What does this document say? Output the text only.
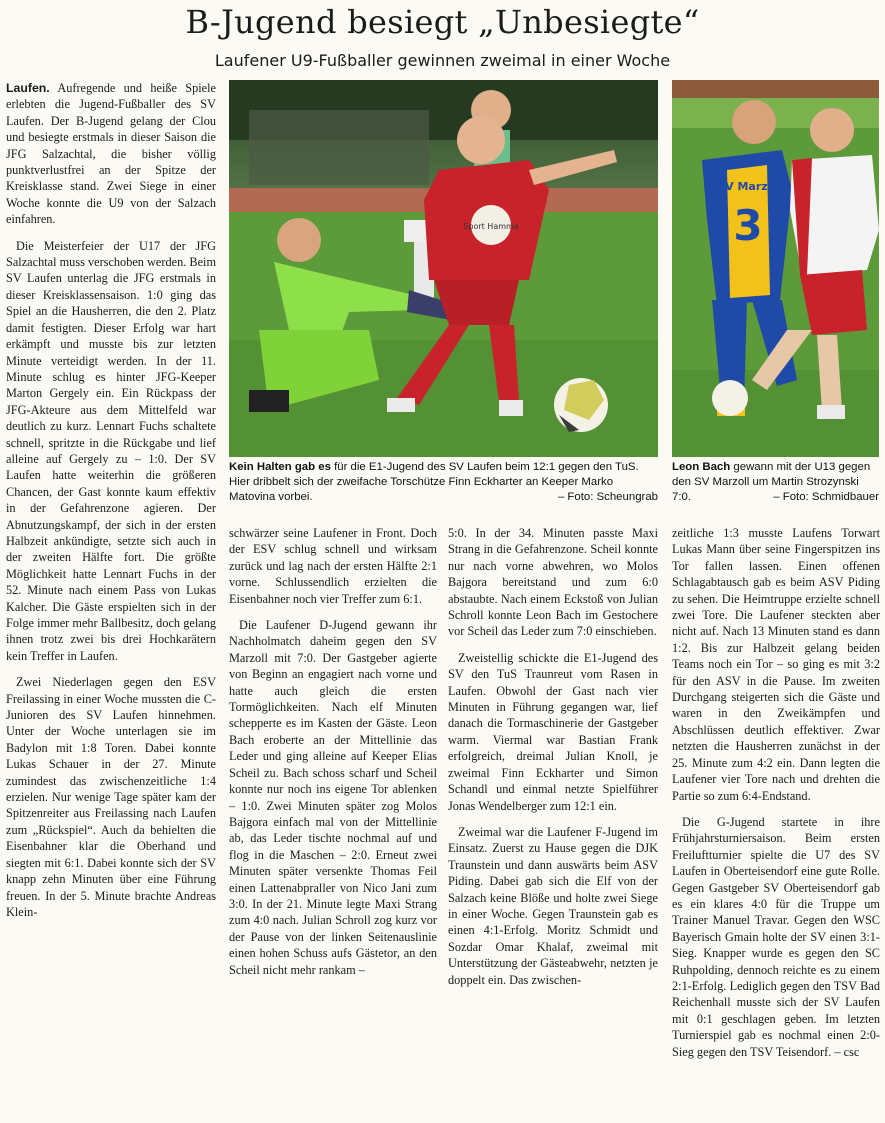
B-Jugend besiegt „Unbesiegte“
Laufener U9-Fußballer gewinnen zweimal in einer Woche

Laufen. Aufregende und heiße Spiele erlebten die Jugend-Fußballer des SV Laufen. Der B-Jugend gelang der Clou und besiegte erstmals in dieser Saison die JFG Salzachtal, die bisher völlig punktverlustfrei an der Spitze der Kreisklasse stand. Zwei Siege in einer Woche konnte die U9 von der Salzach einfahren.

Die Meisterfeier der U17 der JFG Salzachtal muss verschoben werden. Beim SV Laufen unterlag die JFG erstmals in dieser Kreisklassensaison. 1:0 ging das Spiel an die Hausherren, die den 2. Platz damit festigten. Dieser Erfolg war hart erkämpft und musste bis zur letzten Minute verteidigt werden. In der 11. Minute schlug es hinter JFG-Keeper Marton Gergely ein. Ein Rückpass der JFG-Akteure aus dem Mittelfeld war deutlich zu kurz. Lennart Fuchs schaltete schnell, spritzte in die Rückgabe und lief alleine auf Gergely zu – 1:0. Der SV Laufen hatte weiterhin die größeren Chancen, der Gast konnte kaum effektiv in der Gefahrenzone agieren. Der Abnutzungskampf, der sich in der ersten Halbzeit ankündigte, setzte sich auch in der zweiten Hälfte fort. Die größte Möglichkeit hatte Lennart Fuchs in der 52. Minute nach einem Pass von Lukas Kalcher. Die Gäste erspielten sich in der Folge immer mehr Ballbesitz, doch gelang ihnen trotz zwei bis drei Hochkarätern kein Treffer in Laufen.

Zwei Niederlagen gegen den ESV Freilassing in einer Woche mussten die C-Junioren des SV Laufen hinnehmen. Unter der Woche unterlagen sie im Badylon mit 1:8 Toren. Dabei konnte Lukas Schauer in der 27. Minute zumindest das zwischenzeitliche 1:4 erzielen. Nur wenige Tage später kam der Spitzenreiter aus Freilassing nach Laufen zum „Rückspiel“. Auch da behielten die Eisenbahner klar die Oberhand und siegten mit 6:1. Dabei konnte sich der SV knapp zehn Minuten über eine Führung freuen. In der 5. Minute brachte Andreas Klein-

Sport Hamma
Kein Halten gab es für die E1-Jugend des SV Laufen beim 12:1 gegen den TuS. Hier dribbelt sich der zweifache Torschütze Finn Eckharter an Keeper Marko Matovina vorbei.	– Foto: Scheungrab
SV Marzoll
3
Leon Bach gewann mit der U13 gegen den SV Marzoll um Martin Strozynski 7:0.	– Foto: Schmidbauer

schwärzer seine Laufener in Front. Doch der ESV schlug schnell und wirksam zurück und lag nach der ersten Hälfte 2:1 vorne. Schlussendlich erzielten die Eisenbahner noch vier Treffer zum 6:1.

Die Laufener D-Jugend gewann ihr Nachholmatch daheim gegen den SV Marzoll mit 7:0. Der Gastgeber agierte von Beginn an engagiert nach vorne und hatte auch gleich die ersten Tormöglichkeiten. Nach elf Minuten schepperte es im Kasten der Gäste. Leon Bach eroberte an der Mittellinie das Leder und ging alleine auf Keeper Elias Scheil zu. Bach schoss scharf und Scheil konnte nur noch ins eigene Tor ablenken – 1:0. Zwei Minuten später zog Molos Bajgora einfach mal von der Mittellinie ab, das Leder tischte nochmal auf und flog in die Maschen – 2:0. Erneut zwei Minuten später versenkte Thomas Feil einen Lattenabpraller von Nico Jani zum 3:0. In der 21. Minute legte Maxi Strang zum 4:0 nach. Julian Schroll zog kurz vor der Pause von der linken Seitenauslinie einen hohen Schuss aufs Gästetor, an den Scheil nicht mehr rankam –

5:0. In der 34. Minuten passte Maxi Strang in die Gefahrenzone. Scheil konnte nur nach vorne abwehren, wo Molos Bajgora bereitstand und zum 6:0 abstaubte. Nach einem Eckstoß von Julian Schroll konnte Leon Bach im Gestochere vor Scheil das Leder zum 7:0 einschieben.

Zweistellig schickte die E1-Jugend des SV den TuS Traunreut vom Rasen in Laufen. Obwohl der Gast nach vier Minuten in Führung gegangen war, lief danach die Tormaschinerie der Gastgeber warm. Viermal war Bastian Frank erfolgreich, dreimal Julian Knoll, je zweimal Finn Eckharter und Simon Schandl und einmal netzte Spielführer Jonas Wendelberger zum 12:1 ein.

Zweimal war die Laufener F-Jugend im Einsatz. Zuerst zu Hause gegen die DJK Traunstein und dann auswärts beim ASV Piding. Dabei gab sich die Elf von der Salzach keine Blöße und holte zwei Siege in einer Woche. Gegen Traunstein gab es einen 4:1-Erfolg. Moritz Schmidt und Sozdar Omar Khalaf, zweimal mit Unterstützung der Gästeabwehr, netzten je doppelt ein. Das zwischen-

zeitliche 1:3 musste Laufens Torwart Lukas Mann über seine Fingerspitzen ins Tor fallen lassen. Einen offenen Schlagabtausch gab es beim ASV Piding zu sehen. Die Heimtruppe erzielte schnell zwei Tore. Die Laufener steckten aber nicht auf. Nach 13 Minuten stand es dann 1:2. Bis zur Halbzeit gelang beiden Teams noch ein Tor – so ging es mit 3:2 für den ASV in die Pause. Im zweiten Durchgang steigerten sich die Gäste und waren in den Zweikämpfen und Abschlüssen deutlich effektiver. Zwar netzten die Hausherren zunächst in der 25. Minute zum 4:2 ein. Dann legten die Laufener vier Tore nach und drehten die Partie so zum 6:4-Endstand.

Die G-Jugend startete in ihre Frühjahrsturniersaison. Beim ersten Freiluftturnier spielte die U7 des SV Laufen in Oberteisendorf eine gute Rolle. Gegen Gastgeber SV Oberteisendorf gab es ein klares 4:0 für die Truppe um Trainer Manuel Travar. Gegen den WSC Bayerisch Gmain holte der SV einen 3:1-Sieg. Knapper wurde es gegen den SC Ruhpolding, dennoch reichte es zu einem 2:1-Erfolg. Lediglich gegen den TSV Bad Reichenhall musste sich der SV Laufen mit 0:1 geschlagen geben. Im letzten Turnierspiel gab es nochmal einen 2:0-Sieg gegen den TSV Teisendorf. – csc
